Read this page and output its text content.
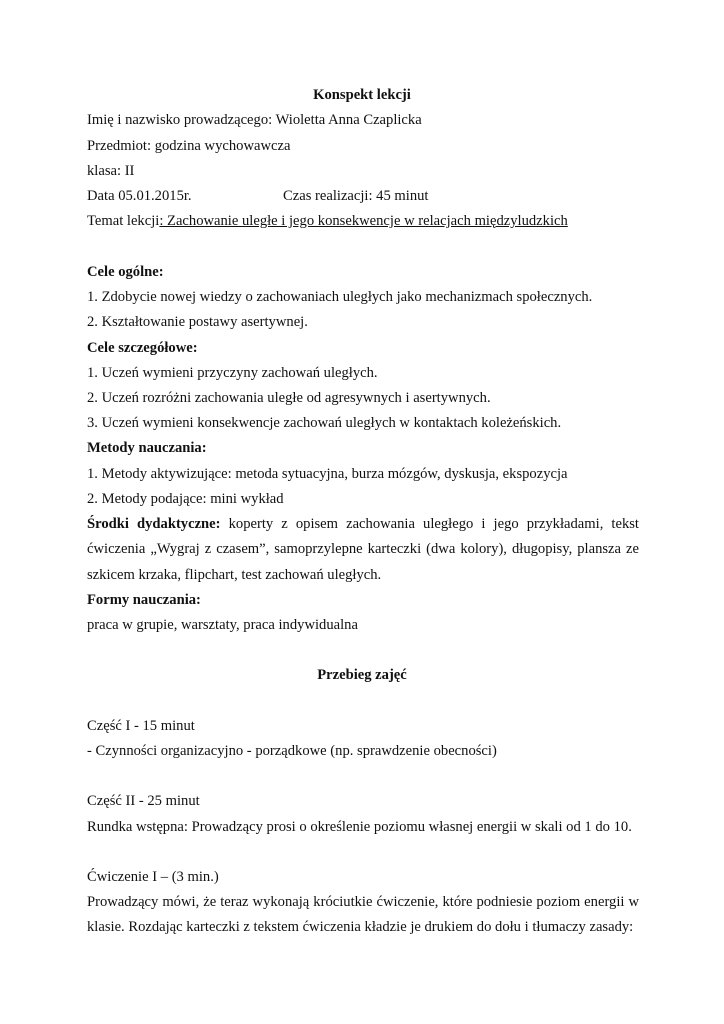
Konspekt lekcji
Imię i nazwisko prowadzącego: Wioletta Anna Czaplicka
Przedmiot: godzina wychowawcza
klasa: II
Data 05.01.2015r.	Czas realizacji: 45 minut
Temat lekcji: Zachowanie uległe i jego konsekwencje w relacjach międzyludzkich
Cele ogólne:
1. Zdobycie nowej wiedzy o zachowaniach uległych jako mechanizmach społecznych.
2. Kształtowanie postawy asertywnej.
Cele szczegółowe:
1. Uczeń wymieni przyczyny zachowań uległych.
2. Uczeń rozróżni zachowania uległe od agresywnych i asertywnych.
3. Uczeń wymieni konsekwencje zachowań uległych w kontaktach koleżeńskich.
Metody nauczania:
1. Metody aktywizujące: metoda sytuacyjna, burza mózgów, dyskusja, ekspozycja
2. Metody podające: mini wykład
Środki dydaktyczne: koperty z opisem zachowania uległego i jego przykładami, tekst
ćwiczenia „Wygraj z czasem”, samoprzylepne karteczki (dwa kolory), długopisy, plansza ze
szkicem krzaka, flipchart, test zachowań uległych.
Formy nauczania:
praca w grupie, warsztaty, praca indywidualna
Przebieg zajęć
Część I - 15 minut
- Czynności organizacyjno - porządkowe (np. sprawdzenie obecności)
Część II - 25 minut
Rundka wstępna: Prowadzący prosi o określenie poziomu własnej energii w skali od 1 do 10.
Ćwiczenie I – (3 min.)
Prowadzący mówi, że teraz wykonają króciutkie ćwiczenie, które podniesie poziom energii w
klasie. Rozdając karteczki z tekstem ćwiczenia kładzie je drukiem do dołu i tłumaczy zasady:
